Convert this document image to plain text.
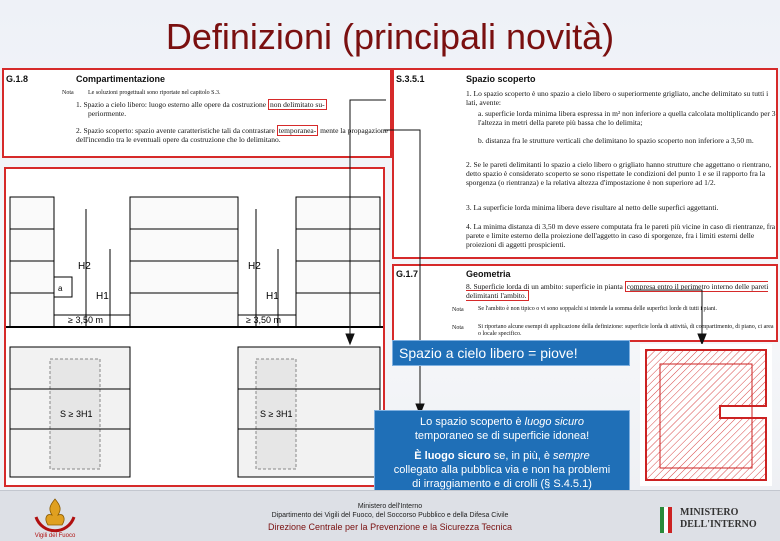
Definizioni (principali novità)
G.1.8	Compartimentazione
Nota Le soluzioni progettuali sono riportate nel capitolo S.3.
1. Spazio a cielo libero: luogo esterno alle opere da costruzione non delimitato su-
periormente.
2. Spazio scoperto: spazio avente caratteristiche tali da contrastare temporanea- mente la propagazione dell'incendio tra le eventuali opere da costruzione che lo delimitano.
S.3.5.1	Spazio scoperto
1. Lo spazio scoperto è uno spazio a cielo libero o superiormente grigliato, anche delimitato su tutti i lati, avente:
a. superficie lorda minima libera espressa in m² non inferiore a quella calcolata moltiplicando per 3 l'altezza in metri della parete più bassa che lo delimita;
b. distanza fra le strutture verticali che delimitano lo spazio scoperto non inferiore a 3,50 m.
2. Se le pareti delimitanti lo spazio a cielo libero o grigliato hanno strutture che aggettano o rientrano, detto spazio è considerato scoperto se sono rispettate le condizioni del punto 1 e se il rapporto fra la sporgenza (o rientranza) e la relativa altezza d'impostazione è non superiore ad 1/2.
3. La superficie lorda minima libera deve risultare al netto delle superfici aggettanti.
4. La minima distanza di 3,50 m deve essere computata fra le pareti più vicine in caso di rientranze, fra parete e limite esterno della proiezione dell'aggetto in caso di sporgenze, fra i limiti esterni delle proiezioni di aggetti prospicienti.
G.1.7	Geometria
8. Superficie lorda di un ambito: superficie in pianta compresa entro il perimetro interno delle pareti delimitanti l'ambito.
Nota Se l'ambito è non tipico o vi sono soppalchi si intende la somma delle superfici lorde di tutti i piani.
Nota Si riportano alcune esempi di applicazione della definizione: superficie lorda di attività, di compartimento, di piano, ci area o locale specifico.
H2
H1
H2
H1
a
≥ 3,50 m	≥ 3,50 m
S ≥ 3H1	S ≥ 3H1
Spazio a cielo libero = piove!
Lo spazio scoperto è luogo sicuro
temporaneo se di superficie idonea!
È luogo sicuro se, in più, è sempre
collegato alla pubblica via e non ha problemi
di irraggiamento e di crolli (§ S.4.5.1)
Vigili del Fuoco
Ministero dell'Interno
Dipartimento dei Vigili del Fuoco, del Soccorso Pubblico e della Difesa Civile
Direzione Centrale per la Prevenzione e la Sicurezza Tecnica
MINISTERO
DELL'INTERNO
